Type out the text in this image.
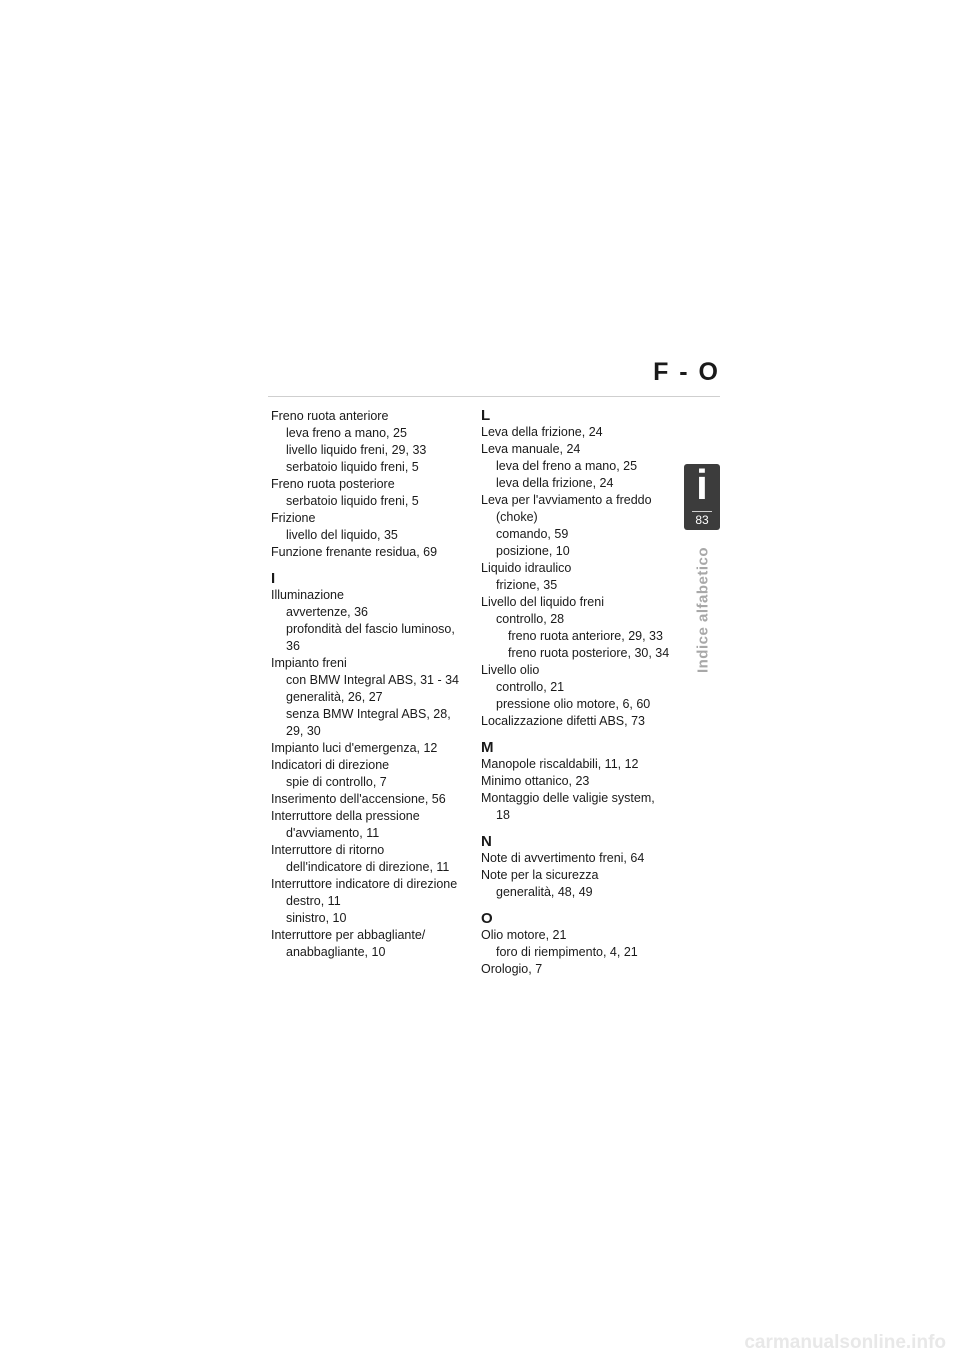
F - O
i
83
Indice alfabetico
Freno ruota anteriore
leva freno a mano, 25
livello liquido freni, 29, 33
serbatoio liquido freni, 5
Freno ruota posteriore
serbatoio liquido freni, 5
Frizione
livello del liquido, 35
Funzione frenante residua, 69
I
Illuminazione
avvertenze, 36
profondità del fascio luminoso,
36
Impianto freni
con BMW Integral ABS, 31 - 34
generalità, 26, 27
senza BMW Integral ABS, 28,
29, 30
Impianto luci d'emergenza, 12
Indicatori di direzione
spie di controllo, 7
Inserimento dell'accensione, 56
Interruttore della pressione
d'avviamento, 11
Interruttore di ritorno
dell'indicatore di direzione, 11
Interruttore indicatore di direzione
destro, 11
sinistro, 10
Interruttore per abbagliante/
anabbagliante, 10
L
Leva della frizione, 24
Leva manuale, 24
leva del freno a mano, 25
leva della frizione, 24
Leva per l'avviamento a freddo
(choke)
comando, 59
posizione, 10
Liquido idraulico
frizione, 35
Livello del liquido freni
controllo, 28
freno ruota anteriore, 29, 33
freno ruota posteriore, 30, 34
Livello olio
controllo, 21
pressione olio motore, 6, 60
Localizzazione difetti ABS, 73
M
Manopole riscaldabili, 11, 12
Minimo ottanico, 23
Montaggio delle valigie system,
18
N
Note di avvertimento freni, 64
Note per la sicurezza
generalità, 48, 49
O
Olio motore, 21
foro di riempimento, 4, 21
Orologio, 7
carmanualsonline.info
